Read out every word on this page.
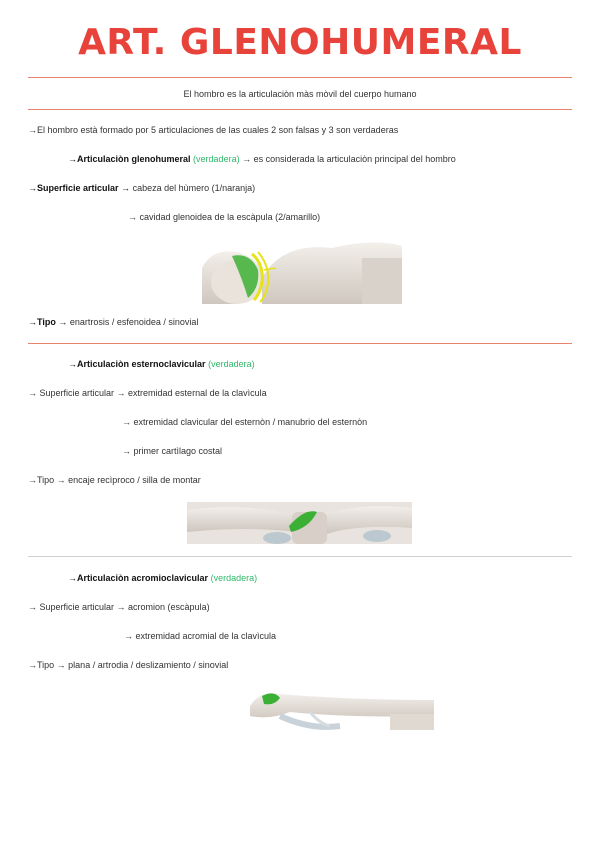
ART. GLENOHUMERAL
El hombro es la articulaciòn màs mòvil del cuerpo humano
→El hombro està formado por 5 articulaciones de las cuales 2 son falsas y 3 son verdaderas
→Articulaciòn glenohumeral (verdadera) → es considerada la articulaciòn principal del hombro
→Superficie articular → cabeza del hùmero (1/naranja)
→ cavidad glenoidea de la escàpula (2/amarillo)
→Tipo → enartrosis / esfenoidea / sinovial
→Articulaciòn esternoclavicular (verdadera)
→ Superficie articular → extremidad esternal de la clavìcula
→ extremidad clavicular del esternòn / manubrio del esternòn
→ primer cartìlago costal
→Tipo → encaje recìproco / silla de montar
→Articulaciòn acromioclavicular (verdadera)
→ Superficie articular → acromion (escàpula)
→ extremidad acromial de la clavìcula
→Tipo → plana / artrodia / deslizamiento / sinovial
